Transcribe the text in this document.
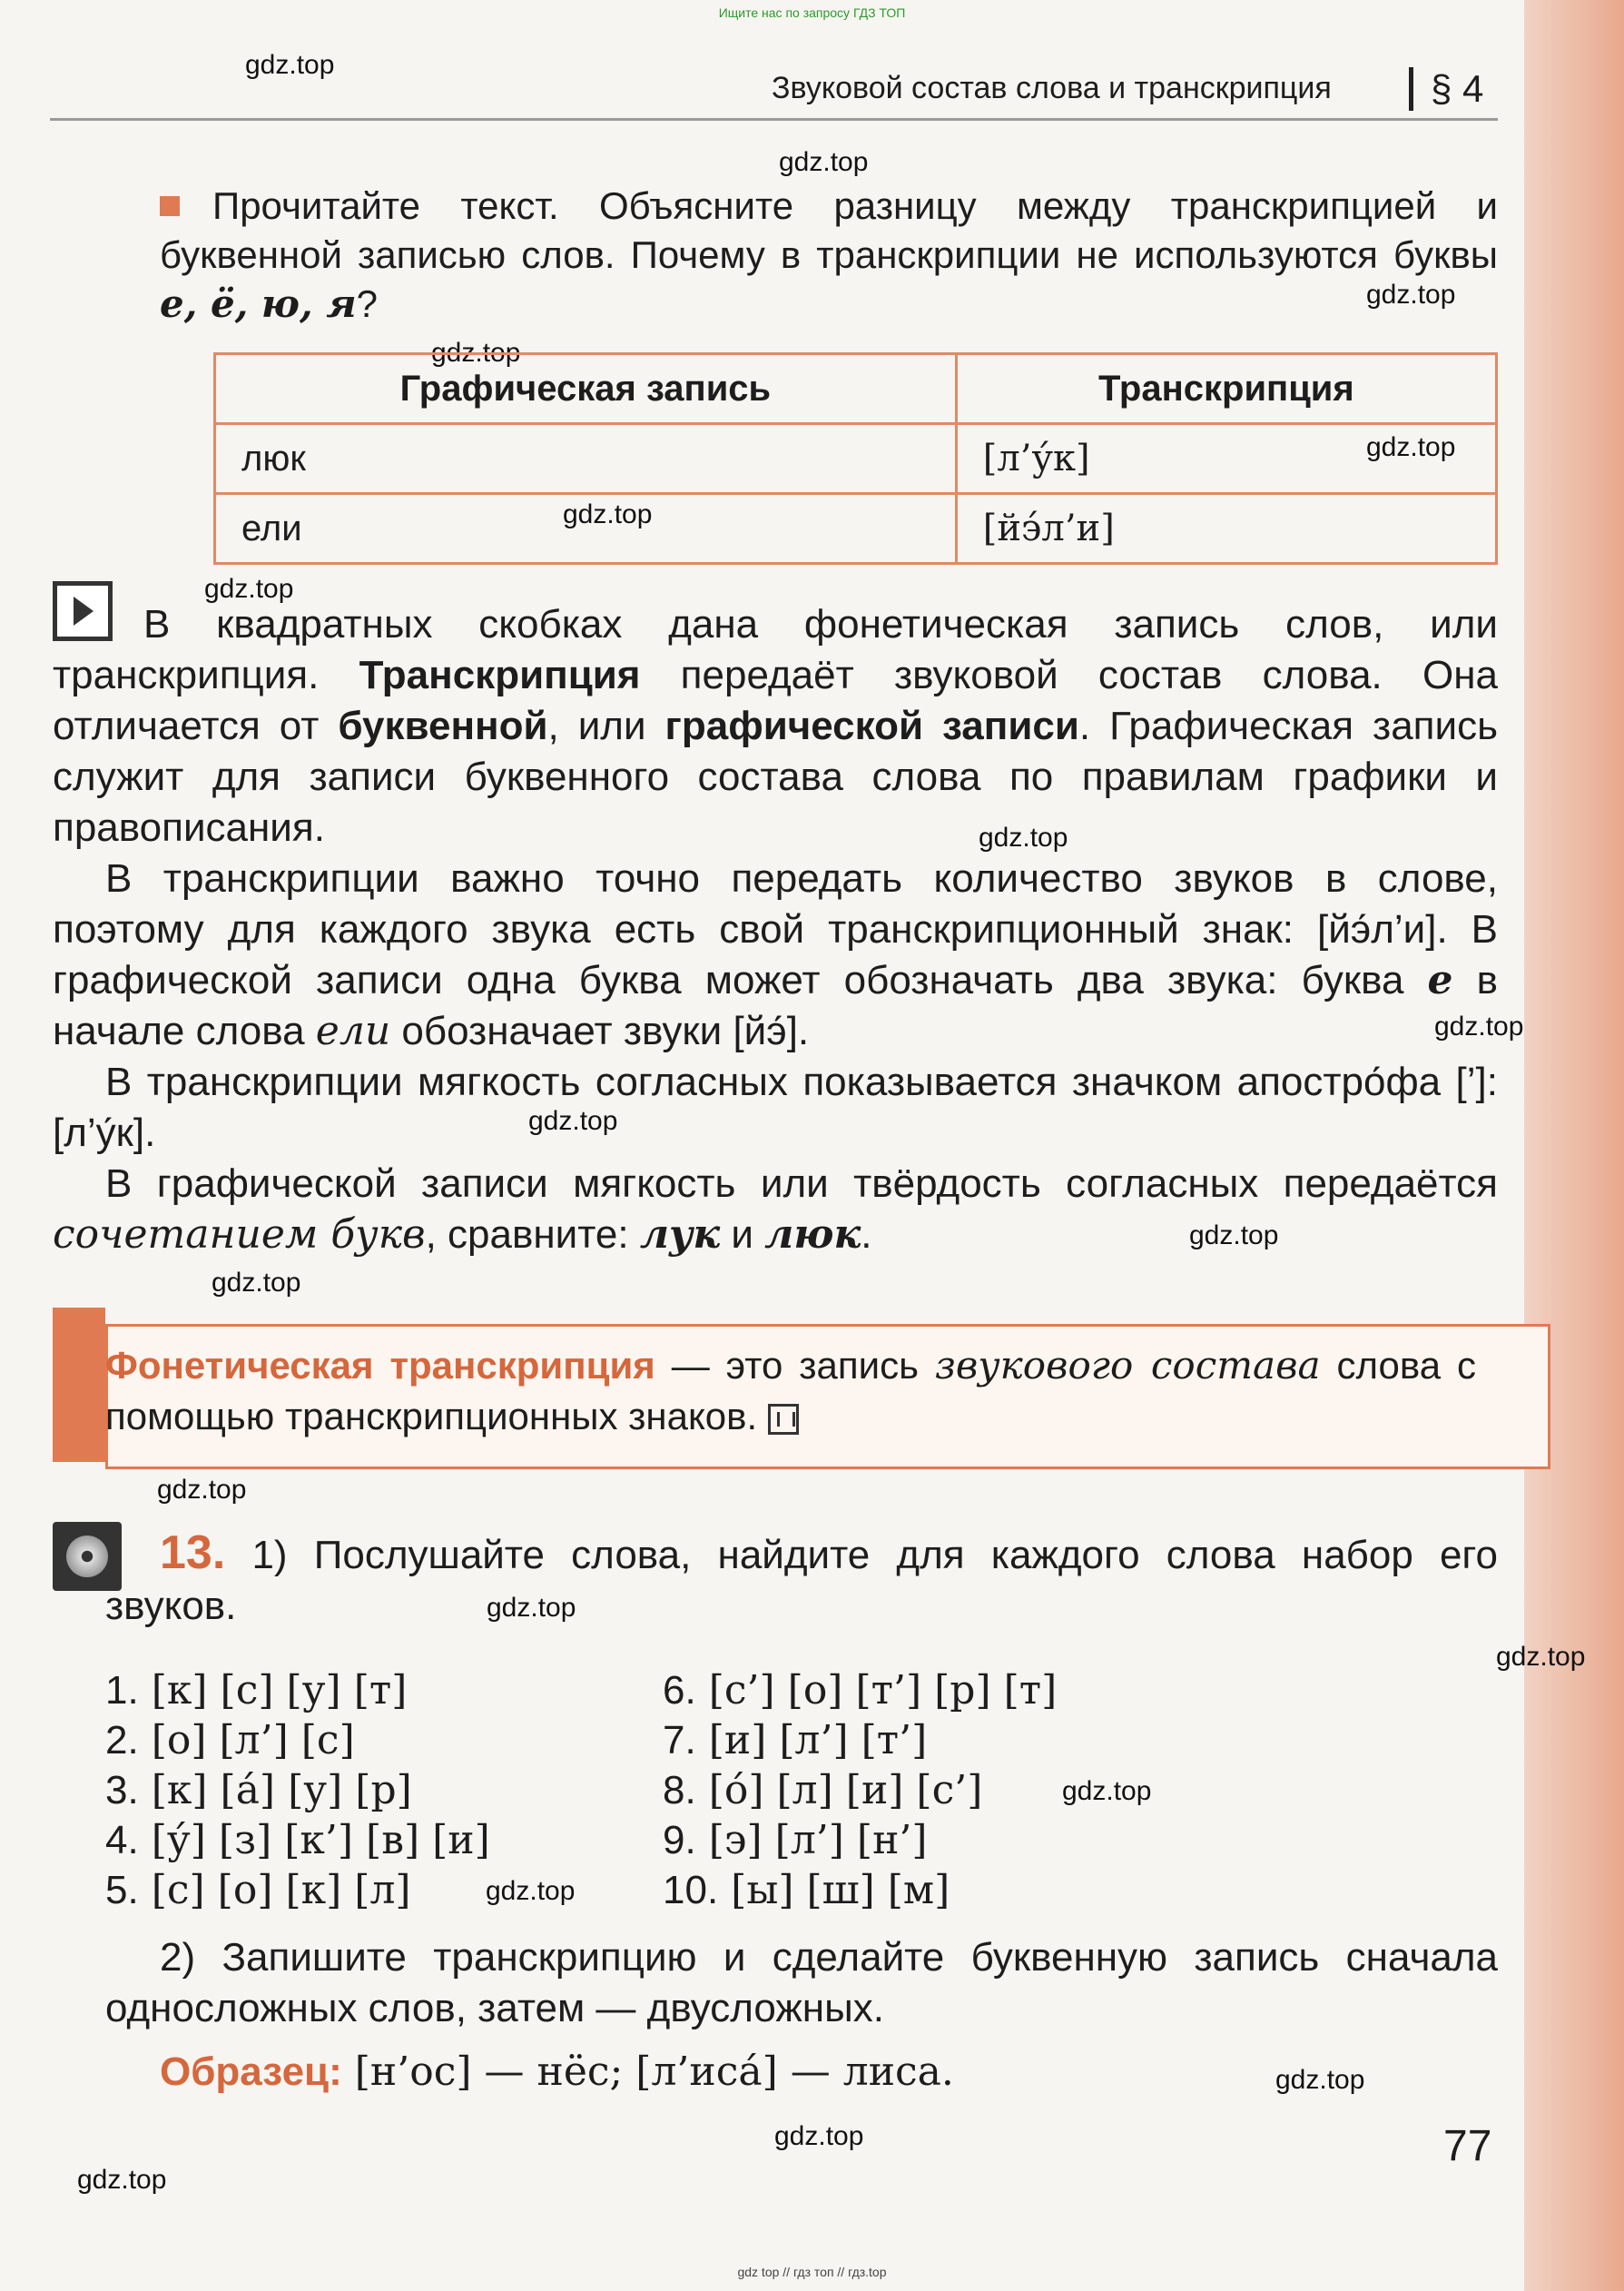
Ищите нас по запросу ГДЗ ТОП
gdz.top
Звуковой состав слова и транскрипция	§ 4
gdz.top
Прочитайте текст. Объясните разницу между транскрипцией и буквенной записью слов. Почему в транскрипции не используются буквы е, ё, ю, я?	gdz.top
gdz.top
Графическая запись	Транскрипция
люк	[л’у́к]
ели	[йэ́л’и]
gdz.top
gdz.top
gdz.top
В квадратных скобках дана фонетическая запись слов, или транскрипция. Транскрипция передаёт звуковой состав слова. Она отличается от буквенной, или графической записи. Графическая запись служит для записи буквенного состава слова по правилам графики и правописания.	gdz.top
В транскрипции важно точно передать количество звуков в слове, поэтому для каждого звука есть свой транскрипционный знак: [йэ́л’и]. В графической записи одна буква может обозначать два звука: буква е в начале слова ели обозначает звуки [йэ́].	gdz.top
В транскрипции мягкость согласных показывается значком апостро́фа [’]: [л’у́к].	gdz.top
В графической записи мягкость или твёрдость согласных передаётся сочетанием букв, сравните: лук и люк.	gdz.top
gdz.top
Фонетическая транскрипция — это запись звукового состава слова с помощью транскрипционных знаков.
gdz.top
13. 1) Послушайте слова, найдите для каждого слова набор его звуков.	gdz.top
gdz.top
1. [к] [с] [у] [т]
2. [о] [л’] [с]
3. [к] [а́] [у] [р]
4. [у́] [з] [к’] [в] [и]
5. [с] [о] [к] [л]
6. [с’] [о] [т’] [р] [т]
7. [и] [л’] [т’]
8. [о́] [л] [и] [с’]
9. [э] [л’] [н’]
10. [ы] [ш] [м]
gdz.top
gdz.top
2) Запишите транскрипцию и сделайте буквенную запись сначала односложных слов, затем — двусложных.
Образец: [н’ос] — нёс; [л’иса́] — лиса.	gdz.top
gdz.top	77
gdz.top
gdz top // гдз топ // гдз.top
